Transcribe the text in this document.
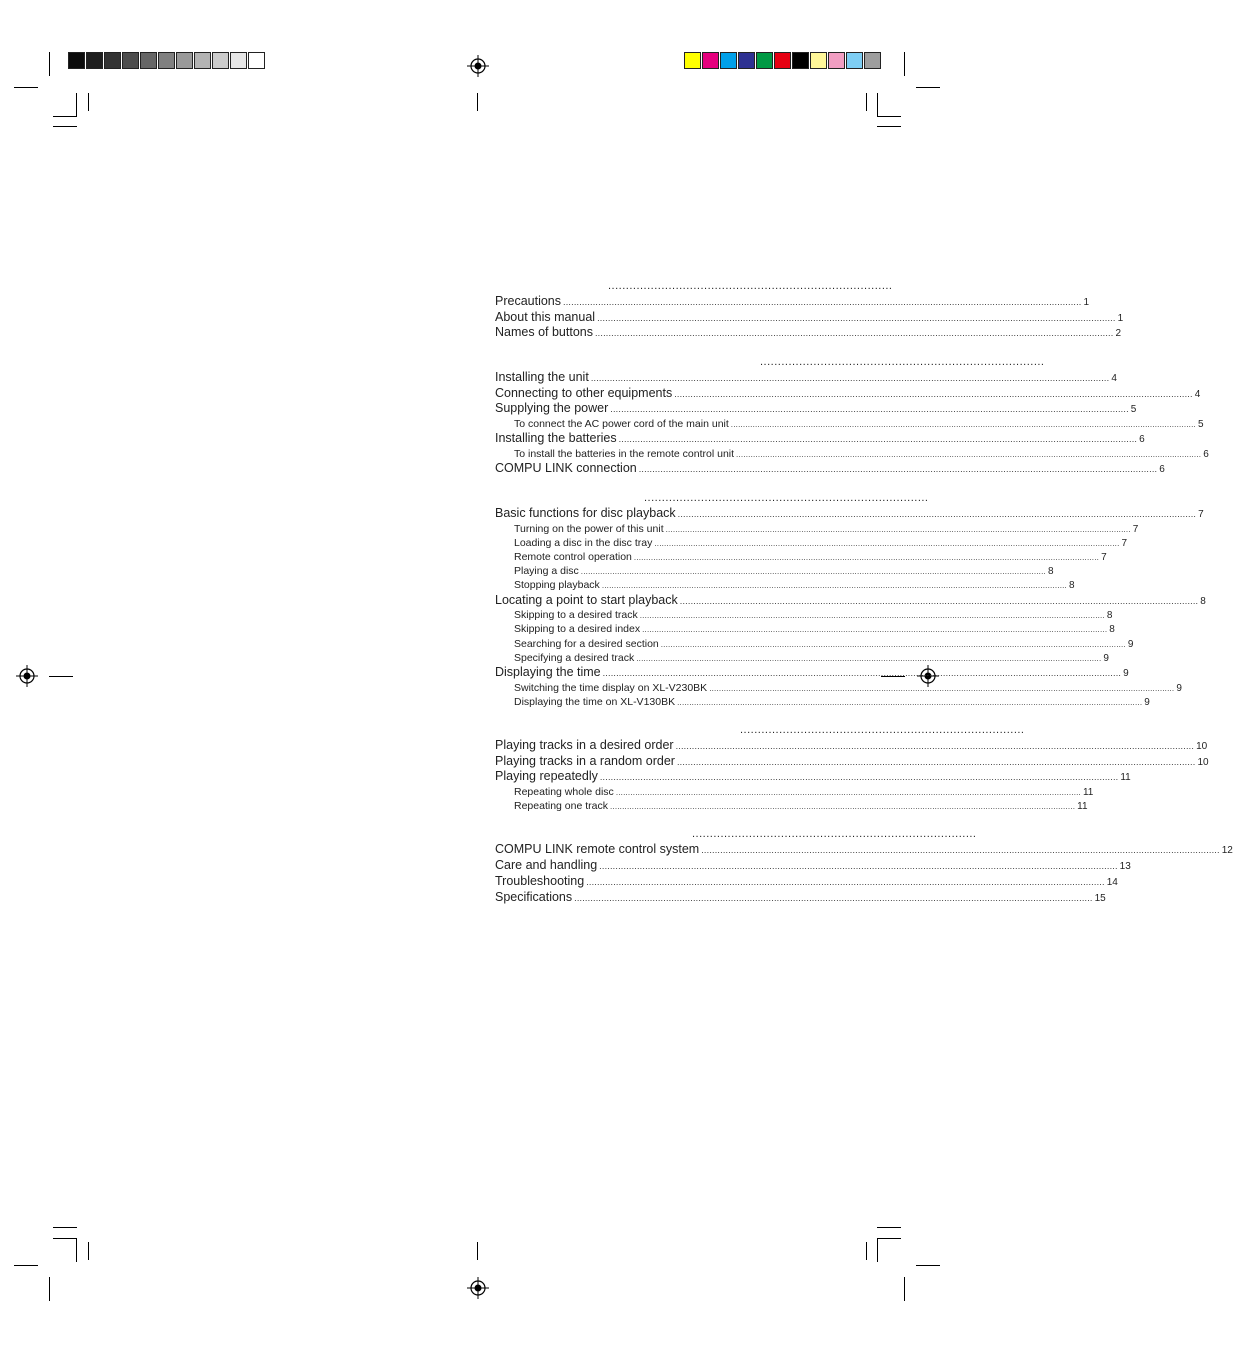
................................................................................
Precautions .....	1
About this manual .....	1
Names of buttons .....	2
................................................................................
Installing the unit .....	4
Connecting to other equipments .....	4
Supplying the power .....	5
To connect the AC power cord of the main unit .....	5
Installing the batteries .....	6
To install the batteries in the remote control unit .....	6
COMPU LINK connection .....	6
................................................................................
Basic functions for disc playback .....	7
Turning on the power of this unit .....	7
Loading a disc in the disc tray .....	7
Remote control operation .....	7
Playing a disc .....	8
Stopping playback .....	8
Locating a point to start playback .....	8
Skipping to a desired track .....	8
Skipping to a desired index .....	8
Searching for a desired section .....	9
Specifying a desired track .....	9
Displaying the time .....	9
Switching the time display on XL-V230BK .....	9
Displaying the time on XL-V130BK .....	9
................................................................................
Playing tracks in a desired order .....	10
Playing tracks in a random order .....	10
Playing repeatedly .....	11
Repeating whole disc .....	11
Repeating one track .....	11
................................................................................
COMPU LINK remote control system .....	12
Care and handling .....	13
Troubleshooting .....	14
Specifications .....	15
